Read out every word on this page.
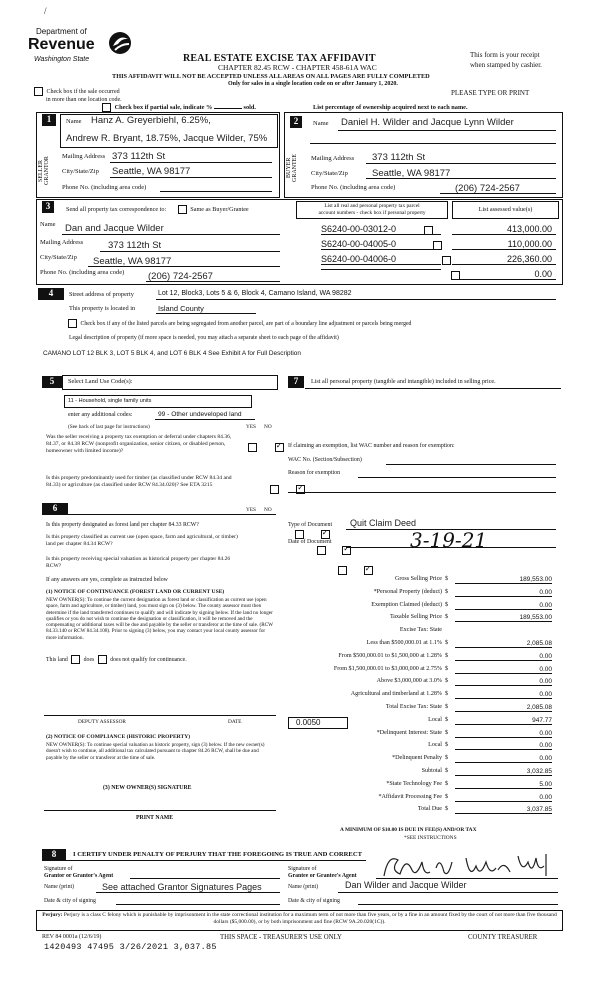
/
Department of
Revenue
Washington State	REAL ESTATE EXCISE TAX AFFIDAVIT
CHAPTER 82.45 RCW - CHAPTER 458-61A WAC
THIS AFFIDAVIT WILL NOT BE ACCEPTED UNLESS ALL AREAS ON ALL PAGES ARE FULLY COMPLETED
Only for sales in a single location code on or after January 1, 2020.
This form is your receipt
when stamped by cashier.
PLEASE TYPE OR PRINT
Check box if the sale occurred
in more than one location code.
Check box if partial sale, indicate %	sold.	List percentage of ownership acquired next to each name.
1	Name Hanz A. Greyerbiehl, 6.25%,
Andrew R. Bryant, 18.75%, Jacque Wilder, 75%
SELLER GRANTOR
Mailing Address 373 112th St
City/State/Zip Seattle, WA 98177
Phone No. (including area code)
2	Name Daniel H. Wilder and Jacque Lynn Wilder
BUYER GRANTEE	Mailing Address 373 112th St
City/State/Zip	Seattle, WA 98177
Phone No. (including area code)	(206) 724-2567
3	Send all property tax correspondence to:	Same as Buyer/Grantee
Name Dan and Jacque Wilder
Mailing Address	373 112th St
City/State/Zip Seattle, WA 98177
Phone No. (including area code) (206) 724-2567
List all real and personal property tax parcel
account numbers - check box if personal property	List assessed value(s)
S6240-00-03012-0	413,000.00
S6240-00-04005-0	110,000.00
S6240-00-04006-0	226,360.00
0.00
4	Street address of property	Lot 12, Block3, Lots 5 & 6, Block 4, Camano Island, WA 98282
This property is located in	Island County
Check box if any of the listed parcels are being segregated from another parcel, are part of a boundary line adjustment or parcels being merged
Legal description of property (if more space is needed, you may attach a separate sheet to each page of the affidavit)
CAMANO LOT 12 BLK 3, LOT 5 BLK 4, and LOT 6 BLK 4 See Exhibit A for Full Description
5	Select Land Use Code(s):
11 - Household, single family units
enter any additional codes:	99 - Other undeveloped land
(See back of last page for instructions)	YES NO
Was the seller receiving a property tax exemption or deferral under chapters 84.36, 84.37, or 84.38 RCW (nonprofit organization, senior citizen, or disabled person, homeowner with limited income)?
✓
Is this property predominantly used for timber (as classified under RCW 84.34 and 84.33) or agriculture (as classified under RCW 84.34.020)? See ETA 3215
✓
6	YES NO
Is this property designated as forest land per chapter 84.33 RCW?
✓
Is this property classified as current use (open space, farm and agricultural, or timber) land per chapter 84.34 RCW?
✓
Is this property receiving special valuation as historical property per chapter 84.26 RCW?
✓
If any answers are yes, complete as instructed below
(1) NOTICE OF CONTINUANCE (FOREST LAND OR CURRENT USE)
NEW OWNER(S): To continue the current designation as forest land or classification as current use (open space, farm and agriculture, or timber) land, you must sign on (3) below. The county assessor must then determine if the land transferred continues to qualify and will indicate by signing below. If the land no longer qualifies or you do not wish to continue the designation or classification, it will be removed and the compensating or additional taxes will be due and payable by the seller or transferor at the time of sale. (RCW 84.33.140 or RCW 84.34.108). Prior to signing (3) below, you may contact your local county assessor for more information.
This land	does	does not qualify for continuance.
DEPUTY ASSESSOR	DATE
(2) NOTICE OF COMPLIANCE (HISTORIC PROPERTY)
NEW OWNER(S): To continue special valuation as historic property, sign (3) below. If the new owner(s) doesn't wish to continue, all additional tax calculated pursuant to chapter 84.26 RCW, shall be due and payable by the seller or transferor at the time of sale.
(3) NEW OWNER(S) SIGNATURE
PRINT NAME
7	List all personal property (tangible and intangible) included in selling price.
If claiming an exemption, list WAC number and reason for exemption:
WAC No. (Section/Subsection)
Reason for exemption
Type of Document Quit Claim Deed
Date of Document	3-19-21
Gross Selling Price $	189,553.00
*Personal Property (deduct) $	0.00
Exemption Claimed (deduct) $	0.00
Taxable Selling Price $	189,553.00
Excise Tax: State
Less than $500,000.01 at 1.1% $	2,085.08
From $500,000.01 to $1,500,000 at 1.28% $	0.00
From $1,500,000.01 to $3,000,000 at 2.75% $	0.00
Above $3,000,000 at 3.0% $	0.00
Agricultural and timberland at 1.28% $	0.00
Total Excise Tax: State $	2,085.08
Local $	947.77
*Delinquent Interest: State $	0.00
Local $	0.00
*Delinquent Penalty $	0.00
Subtotal $	3,032.85
*State Technology Fee $	5.00
*Affidavit Processing Fee $	0.00
Total Due $	3,037.85
0.0050
A MINIMUM OF $10.00 IS DUE IN FEE(S) AND/OR TAX
*SEE INSTRUCTIONS
8	I CERTIFY UNDER PENALTY OF PERJURY THAT THE FOREGOING IS TRUE AND CORRECT
Signature of
Grantor or Grantor's Agent
Signature of
Grantee or Grantee's Agent
Name (print)	See attached Grantor Signatures Pages	Name (print)	Dan Wilder and Jacque Wilder
Date & city of signing	Date & city of signing
Perjury: Perjury is a class C felony which is punishable by imprisonment in the state correctional institution for a maximum term of not more than five years, or by a fine in an amount fixed by the court of not more than five thousand dollars ($5,000.00), or by both imprisonment and fine (RCW 9A.20.020(1C)).
REV 84 0001a (12/6/19)
1420493 47495 3/26/2021 3,037.85
THIS SPACE - TREASURER'S USE ONLY	COUNTY TREASURER
